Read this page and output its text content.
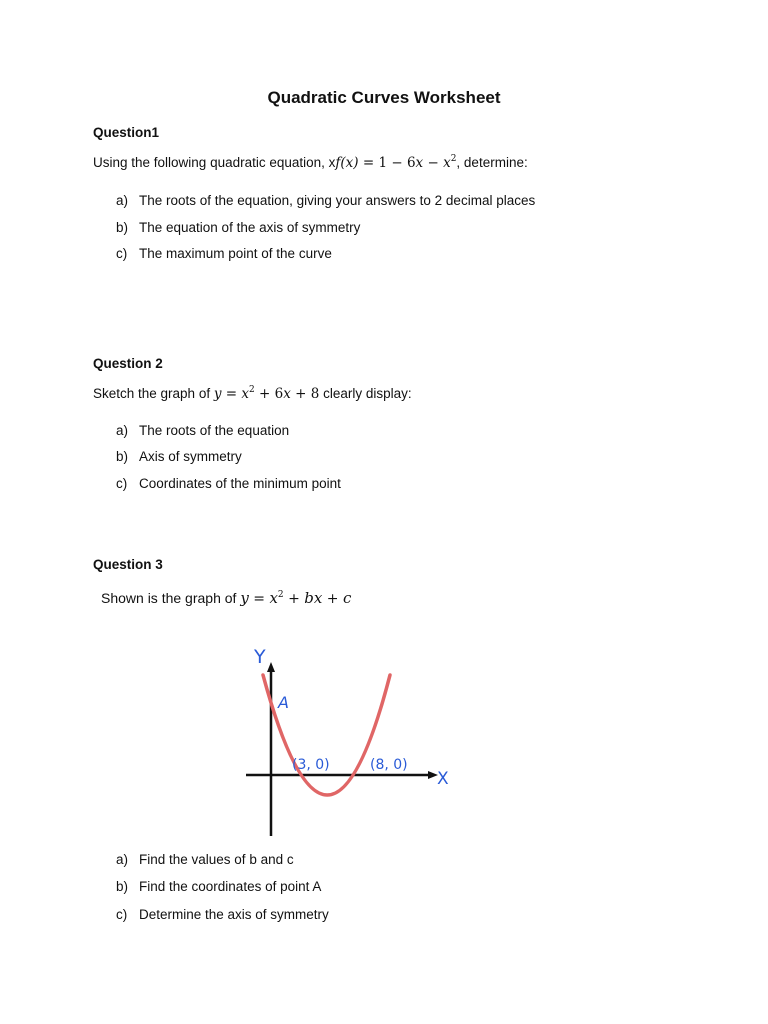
Quadratic Curves Worksheet
Question1
Using the following quadratic equation, $xf(x) = 1 - 6x - x^2$, determine:
a) The roots of the equation, giving your answers to 2 decimal places
b) The equation of the axis of symmetry
c) The maximum point of the curve
Question 2
Sketch the graph of $y = x^2 + 6x + 8$ clearly display:
a) The roots of the equation
b) Axis of symmetry
c) Coordinates of the minimum point
Question 3
Shown is the graph of $y = x^2$ + bx + c
Y
X
A
(3, 0)	(8, 0)
a) Find the values of b and c
b) Find the coordinates of point A
c) Determine the axis of symmetry
